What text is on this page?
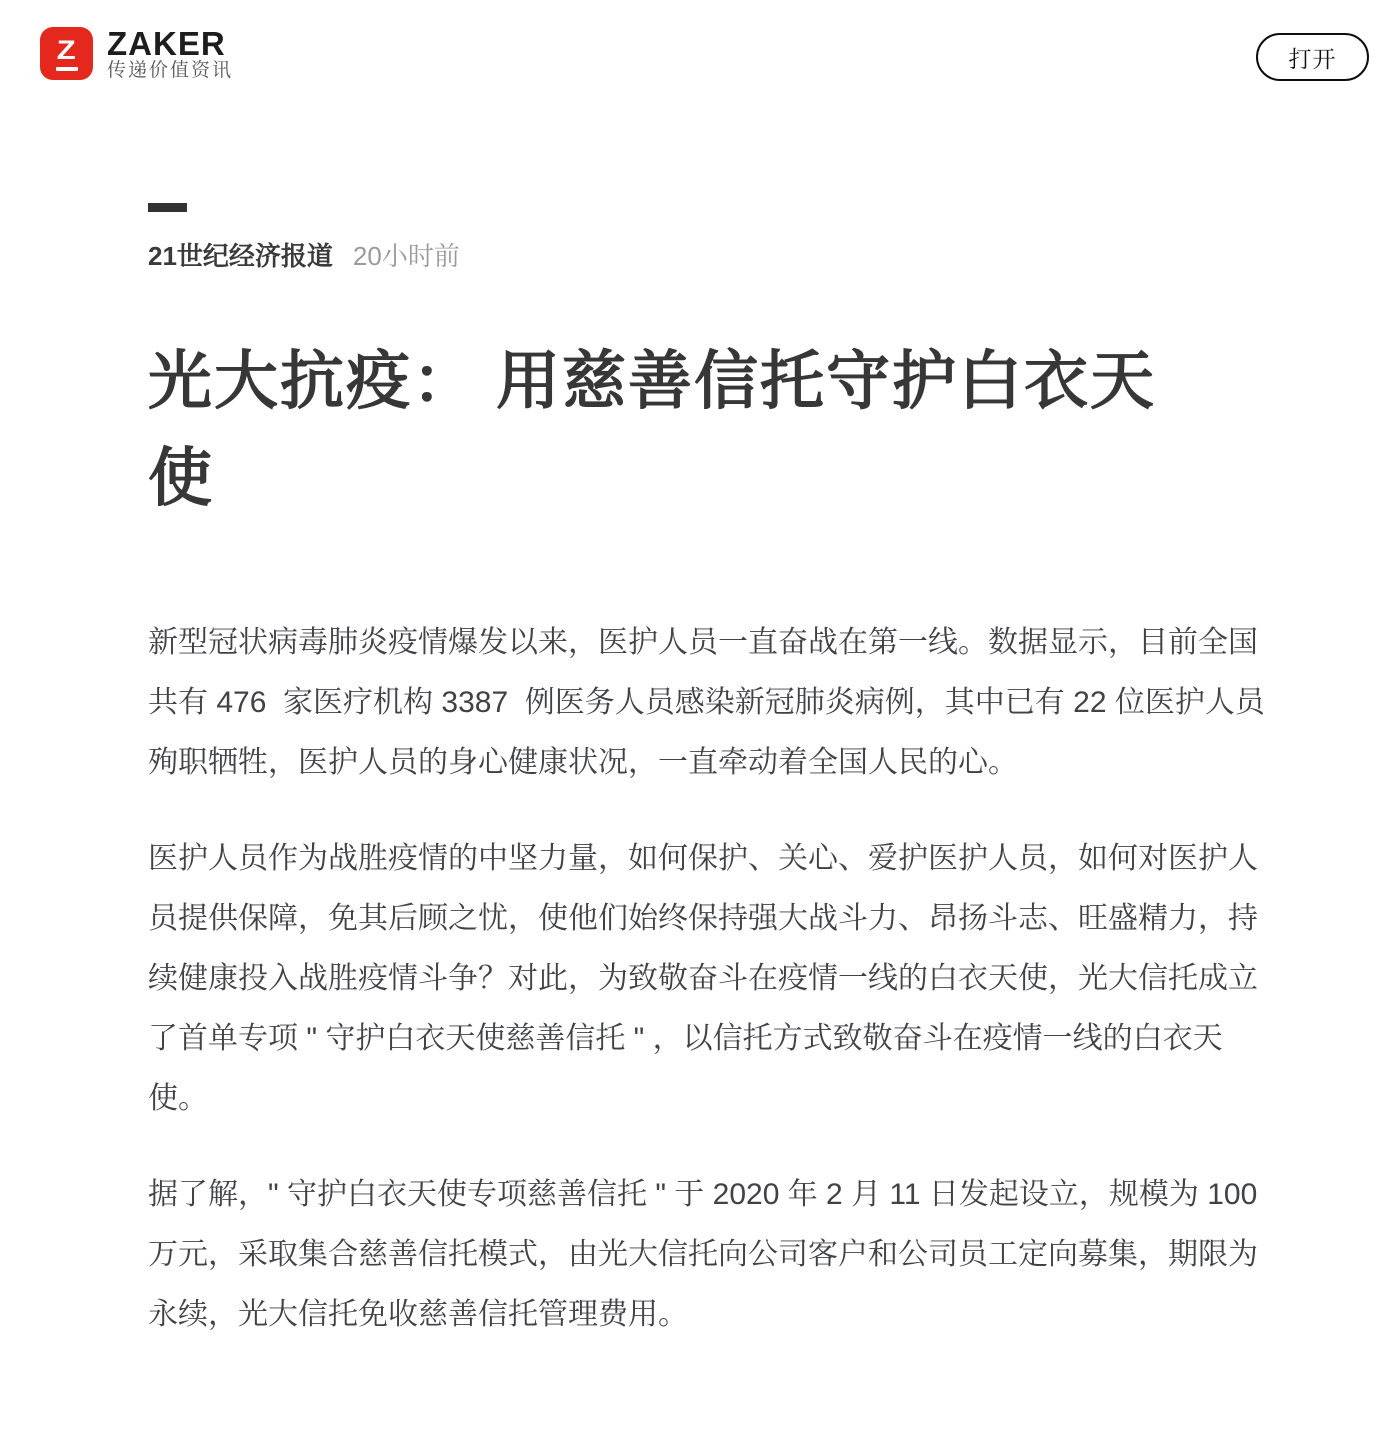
Z ZAKER
传递价值资讯	打开
21世纪经济报道 20小时前
光大抗疫： 用慈善信托守护白衣天
使

新型冠状病毒肺炎疫情爆发以来，医护人员一直奋战在第一线。数据显示，目前全国共有 476  家医疗机构 3387  例医务人员感染新冠肺炎病例，其中已有 22 位医护人员殉职牺牲，医护人员的身心健康状况，一直牵动着全国人民的心。

医护人员作为战胜疫情的中坚力量，如何保护、关心、爱护医护人员，如何对医护人员提供保障，免其后顾之忧，使他们始终保持强大战斗力、昂扬斗志、旺盛精力，持续健康投入战胜疫情斗争？对此，为致敬奋斗在疫情一线的白衣天使，光大信托成立了首单专项 " 守护白衣天使慈善信托 " ，以信托方式致敬奋斗在疫情一线的白衣天使。

据了解，" 守护白衣天使专项慈善信托 " 于 2020 年 2 月 11 日发起设立，规模为 100 万元，采取集合慈善信托模式，由光大信托向公司客户和公司员工定向募集，期限为永续，光大信托免收慈善信托管理费用。
